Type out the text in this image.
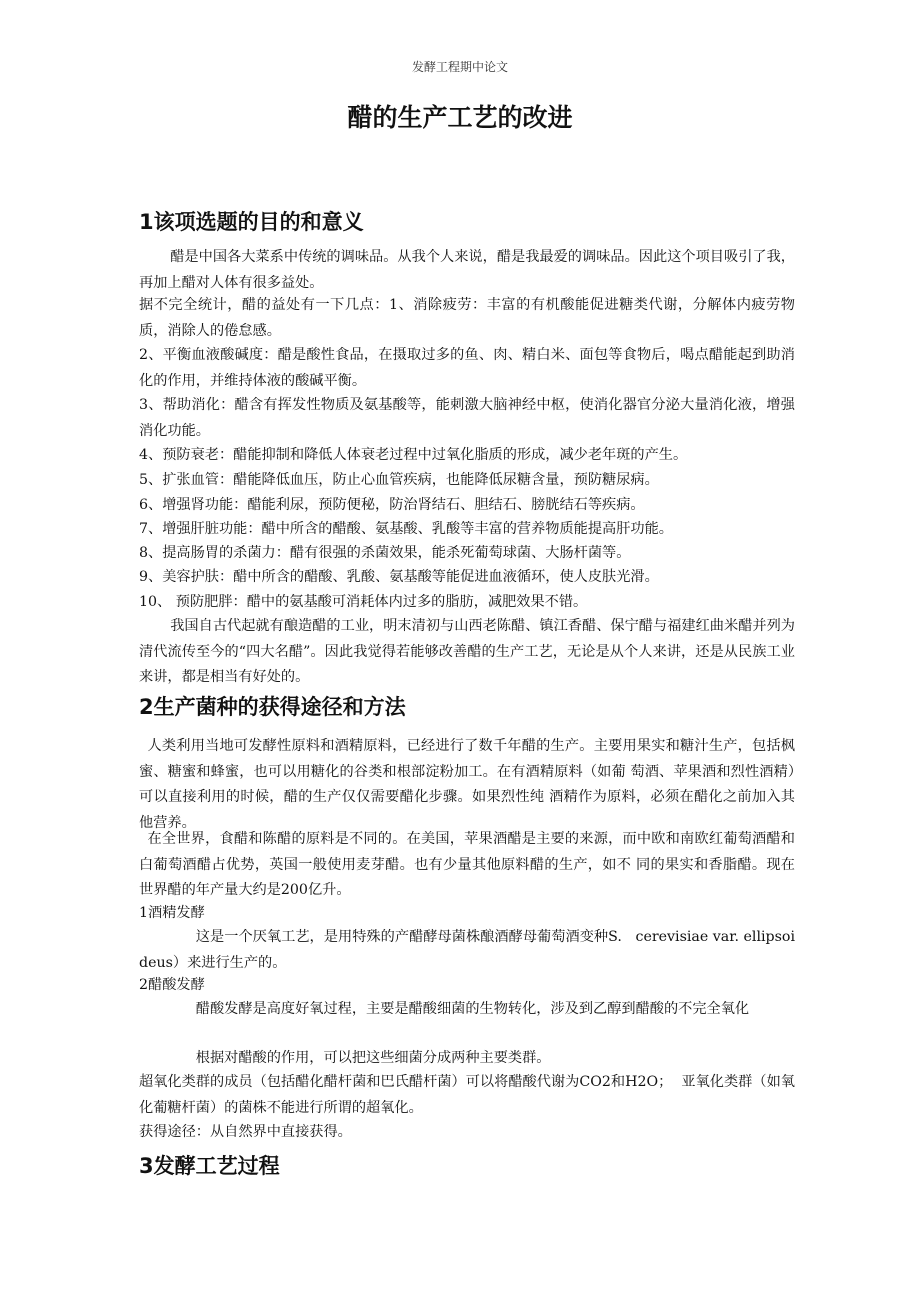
发酵工程期中论文
醋的生产工艺的改进
1该项选题的目的和意义
醋是中国各大菜系中传统的调味品。从我个人来说，醋是我最爱的调味品。因此这个项目吸引了我，再加上醋对人体有很多益处。
据不完全统计，醋的益处有一下几点：1、消除疲劳：丰富的有机酸能促进糖类代谢，分解体内疲劳物质，消除人的倦怠感。
2、平衡血液酸碱度：醋是酸性食品，在摄取过多的鱼、肉、精白米、面包等食物后，喝点醋能起到助消化的作用，并维持体液的酸碱平衡。
3、帮助消化：醋含有挥发性物质及氨基酸等，能刺激大脑神经中枢，使消化器官分泌大量消化液，增强消化功能。
4、预防衰老：醋能抑制和降低人体衰老过程中过氧化脂质的形成，减少老年斑的产生。
5、扩张血管：醋能降低血压，防止心血管疾病，也能降低尿糖含量，预防糖尿病。
6、增强肾功能：醋能利尿，预防便秘，防治肾结石、胆结石、膀胱结石等疾病。
7、增强肝脏功能：醋中所含的醋酸、氨基酸、乳酸等丰富的营养物质能提高肝功能。
8、提高肠胃的杀菌力：醋有很强的杀菌效果，能杀死葡萄球菌、大肠杆菌等。
9、美容护肤：醋中所含的醋酸、乳酸、氨基酸等能促进血液循环，使人皮肤光滑。
10、 预防肥胖：醋中的氨基酸可消耗体内过多的脂肪，减肥效果不错。
我国自古代起就有酿造醋的工业，明末清初与山西老陈醋、镇江香醋、保宁醋与福建红曲米醋并列为清代流传至今的“四大名醋”。因此我觉得若能够改善醋的生产工艺，无论是从个人来讲，还是从民族工业来讲，都是相当有好处的。
2生产菌种的获得途径和方法
人类利用当地可发酵性原料和酒精原料，已经进行了数千年醋的生产。主要用果实和糖汁生产，包括枫蜜、糖蜜和蜂蜜，也可以用糖化的谷类和根部淀粉加工。在有酒精原料（如葡 萄酒、苹果酒和烈性酒精）可以直接利用的时候，醋的生产仅仅需要醋化步骤。如果烈性纯 酒精作为原料，必须在醋化之前加入其他营养。
在全世界，食醋和陈醋的原料是不同的。在美国，苹果酒醋是主要的来源，而中欧和南欧红葡萄酒醋和白葡萄酒醋占优势，英国一般使用麦芽醋。也有少量其他原料醋的生产，如不 同的果实和香脂醋。现在世界醋的年产量大约是200亿升。
1酒精发酵
这是一个厌氧工艺，是用特殊的产醋酵母菌株酿酒酵母葡萄酒变种S.   cerevisiae var. ellipsoideus）来进行生产的。
2醋酸发酵
醋酸发酵是高度好氧过程，主要是醋酸细菌的生物转化，涉及到乙醇到醋酸的不完全氧化
根据对醋酸的作用，可以把这些细菌分成两种主要类群。
超氧化类群的成员（包括醋化醋杆菌和巴氏醋杆菌）可以将醋酸代谢为CO2和H2O；  亚氧化类群（如氧化葡糖杆菌）的菌株不能进行所谓的超氧化。
获得途径：从自然界中直接获得。
3发酵工艺过程
